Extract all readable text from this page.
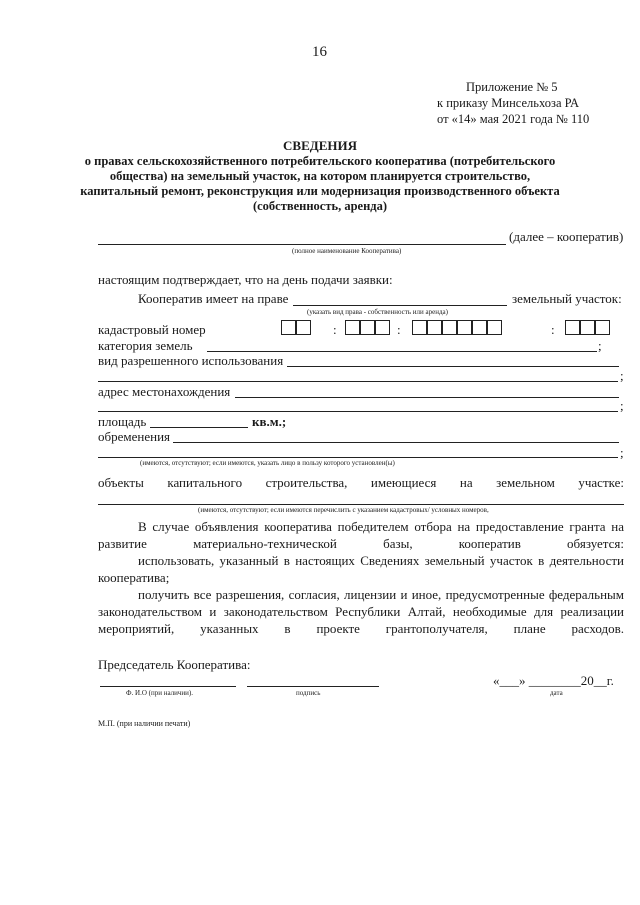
16
Приложение № 5
к приказу Минсельхоза РА
от «14» мая 2021 года № 110
СВЕДЕНИЯ
о правах сельскохозяйственного потребительского кооператива (потребительского
общества) на земельный участок, на котором планируется строительство,
капитальный ремонт, реконструкция или модернизация производственного объекта
(собственность, аренда)
(далее – кооператив)
(полное наименование Кооператива)
настоящим подтверждает, что на день подачи заявки:
Кооператив имеет на праве	земельный участок:
(указать вид права - собственность или аренда)
кадастровый номер	:	:	:
категория земель	;
вид разрешенного использования
;
адрес местонахождения
;
площадь	кв.м.;
обременения
;
(имеются, отсутствуют; если имеются, указать лицо в пользу которого установлен(ы)
объекты капитального строительства, имеющиеся на земельном участке:
(имеются, отсутствуют; если имеются перечислить с указанием кадастровых/ условных номеров,
В случае объявления кооператива победителем отбора на предоставление гранта на развитие материально-технической базы, кооператив обязуется:
использовать, указанный в настоящих Сведениях земельный участок в деятельности кооператива;
получить все разрешения, согласия, лицензии и иное, предусмотренные федеральным законодательством и законодательством Республики Алтай, необходимые для реализации мероприятий, указанных в проекте грантополучателя, плане расходов.
Председатель Кооператива:
Ф. И.О (при наличии).	подпись
«___» ________20__г.
дата
М.П. (при наличии печати)
